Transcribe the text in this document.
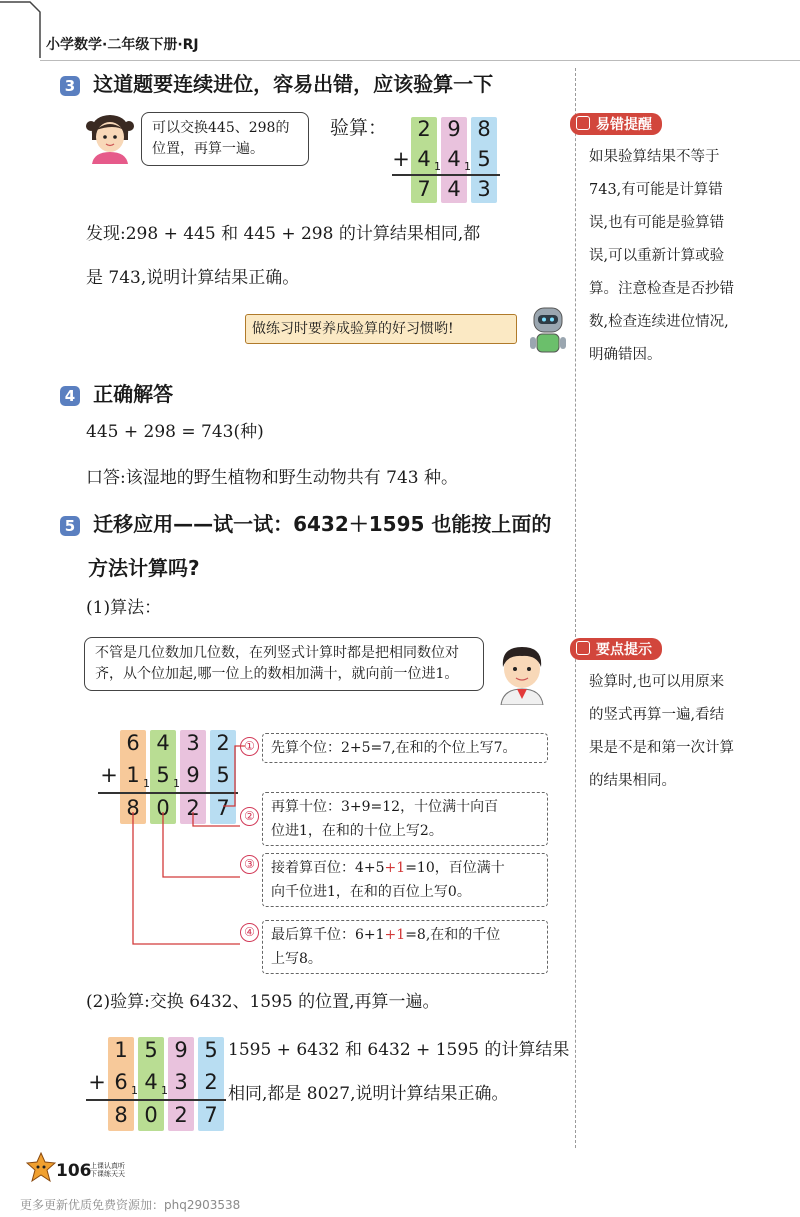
小学数学·二年级下册·RJ
3 这道题要连续进位，容易出错，应该验算一下
可以交换445、298的位置，再算一遍。
验算：	2 9 8
+ 4 4 5
1 1
7 4 3
发现:298 + 445 和 445 + 298 的计算结果相同,都
是 743,说明计算结果正确。
做练习时要养成验算的好习惯哟!
4 正确解答
445 + 298 = 743(种)
口答:该湿地的野生植物和野生动物共有 743 种。
5 迁移应用——试一试：6432＋1595 也能按上面的
方法计算吗?
(1)算法：
不管是几位数加几位数，在列竖式计算时都是把相同数位对齐，从个位加起,哪一位上的数相加满十，就向前一位进1。
6 4 3 2
+ 1 5 9 5
1 1
8 0 2 7
①	先算个位：2+5=7,在和的个位上写7。
②
再算十位：3+9=12，十位满十向百
位进1，在和的十位上写2。
③ 接着算百位：4+5+1=10，百位满十
向千位进1，在和的百位上写0。
④ 最后算千位：6+1+1=8,在和的千位
上写8。
(2)验算:交换 6432、1595 的位置,再算一遍。
1 5 9 5
+ 6 4 3 2
1 1
8 0 2 7
1595 + 6432 和 6432 + 1595 的计算结果
相同,都是 8027,说明计算结果正确。
易错提醒
如果验算结果不等于
743,有可能是计算错
误,也有可能是验算错
误,可以重新计算或验
算。注意检查是否抄错
数,检查连续进位情况,
明确错因。
要点提示
验算时,也可以用原来
的竖式再算一遍,看结
果是不是和第一次计算
的结果相同。
106
上课认真听
下课练天天
更多更新优质免费资源加：phq2903538
